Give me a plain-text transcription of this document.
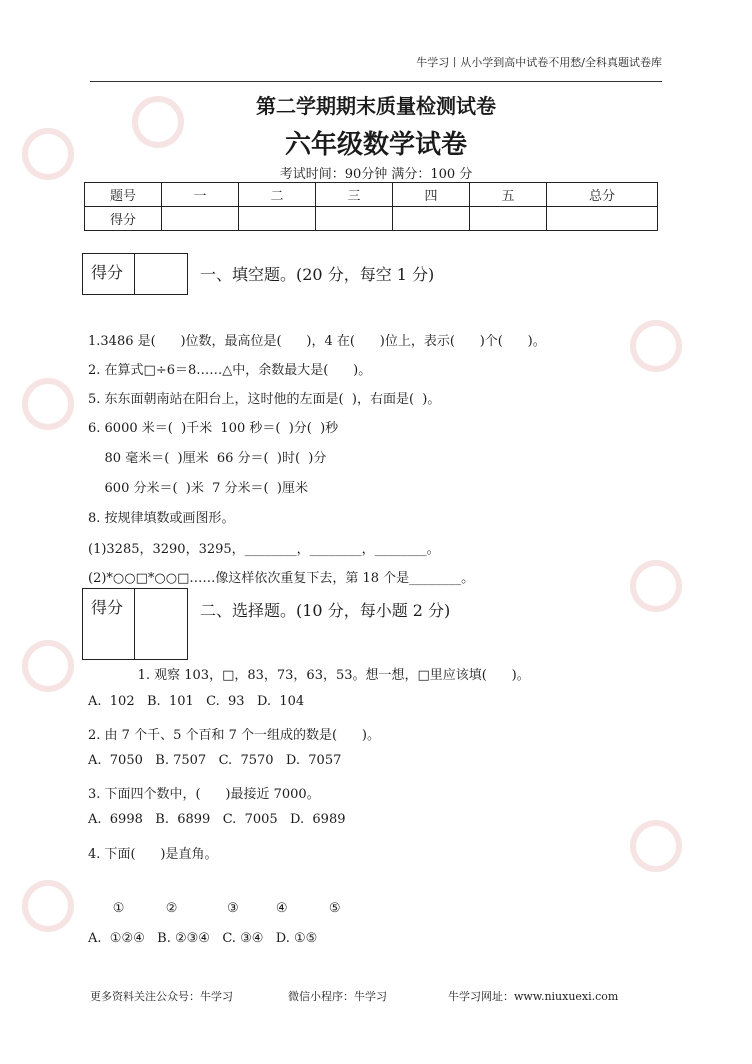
牛学习丨从小学到高中试卷不用愁/全科真题试卷库
第二学期期末质量检测试卷
六年级数学试卷
考试时间：90分钟 满分：100 分
题号	一	二	三	四	五	总分
得分						
得分	一、填空题。(20 分，每空 1 分)
1.3486 是(      )位数，最高位是(      )，4 在(      )位上，表示(      )个(      )。
2. 在算式□÷6＝8……△中，余数最大是(      )。
5. 东东面朝南站在阳台上，这时他的左面是(  )，右面是(  )。
6. 6000 米＝(  )千米  100 秒＝(  )分(  )秒
80 毫米＝(  )厘米  66 分＝(  )时(  )分
600 分米＝(  )米  7 分米＝(  )厘米
8. 按规律填数或画图形。
(1)3285，3290，3295，________，________，________。
(2)*○○□*○○□……像这样依次重复下去，第 18 个是________。
得分	二、选择题。(10 分，每小题 2 分)
1. 观察 103，□，83，73，63，53。想一想，□里应该填(      )。
A.  102   B.  101   C.  93   D.  104
2. 由 7 个千、5 个百和 7 个一组成的数是(      )。
A.  7050   B. 7507   C.  7570   D.  7057
3. 下面四个数中，(      )最接近 7000。
A.  6998   B.  6899   C.  7005   D.  6989
4. 下面(      )是直角。
①          ②            ③         ④          ⑤
A.  ①②④   B. ②③④   C. ③④   D. ①⑤
更多资料关注公众号：牛学习	微信小程序：牛学习	牛学习网址：www.niuxuexi.com
